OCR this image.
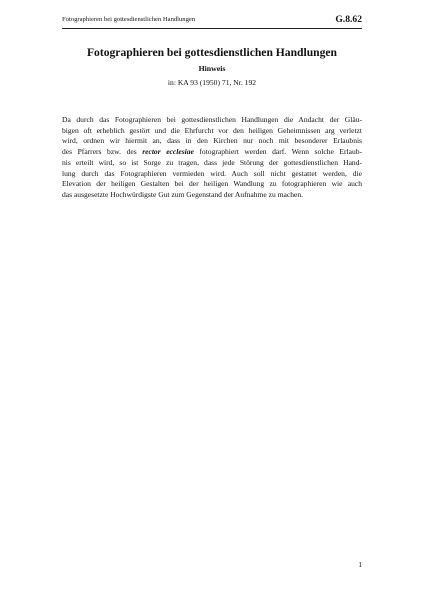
Fotographieren bei gottesdienstlichen Handlungen	G.8.62
Fotographieren bei gottesdienstlichen Handlungen
Hinweis
in: KA 93 (1950) 71, Nr. 192

Da durch das Fotographieren bei gottesdienstlichen Handlungen die Andacht der Gläu-
bigen oft erheblich gestört und die Ehrfurcht vor den heiligen Geheimnissen arg verletzt
wird, ordnen wir hiermit an, dass in den Kirchen nur noch mit besonderer Erlaubnis
des Pfarrers bzw. des rector ecclesiae fotographiert werden darf. Wenn solche Erlaub-
nis erteilt wird, so ist Sorge zu tragen, dass jede Störung der gottesdienstlichen Hand-
lung durch das Fotographieren vermieden wird. Auch soll nicht gestattet werden, die
Elevation der heiligen Gestalten bei der heiligen Wandlung zu fotographieren wie auch
das ausgesetzte Hochwürdigste Gut zum Gegenstand der Aufnahme zu machen.

1
